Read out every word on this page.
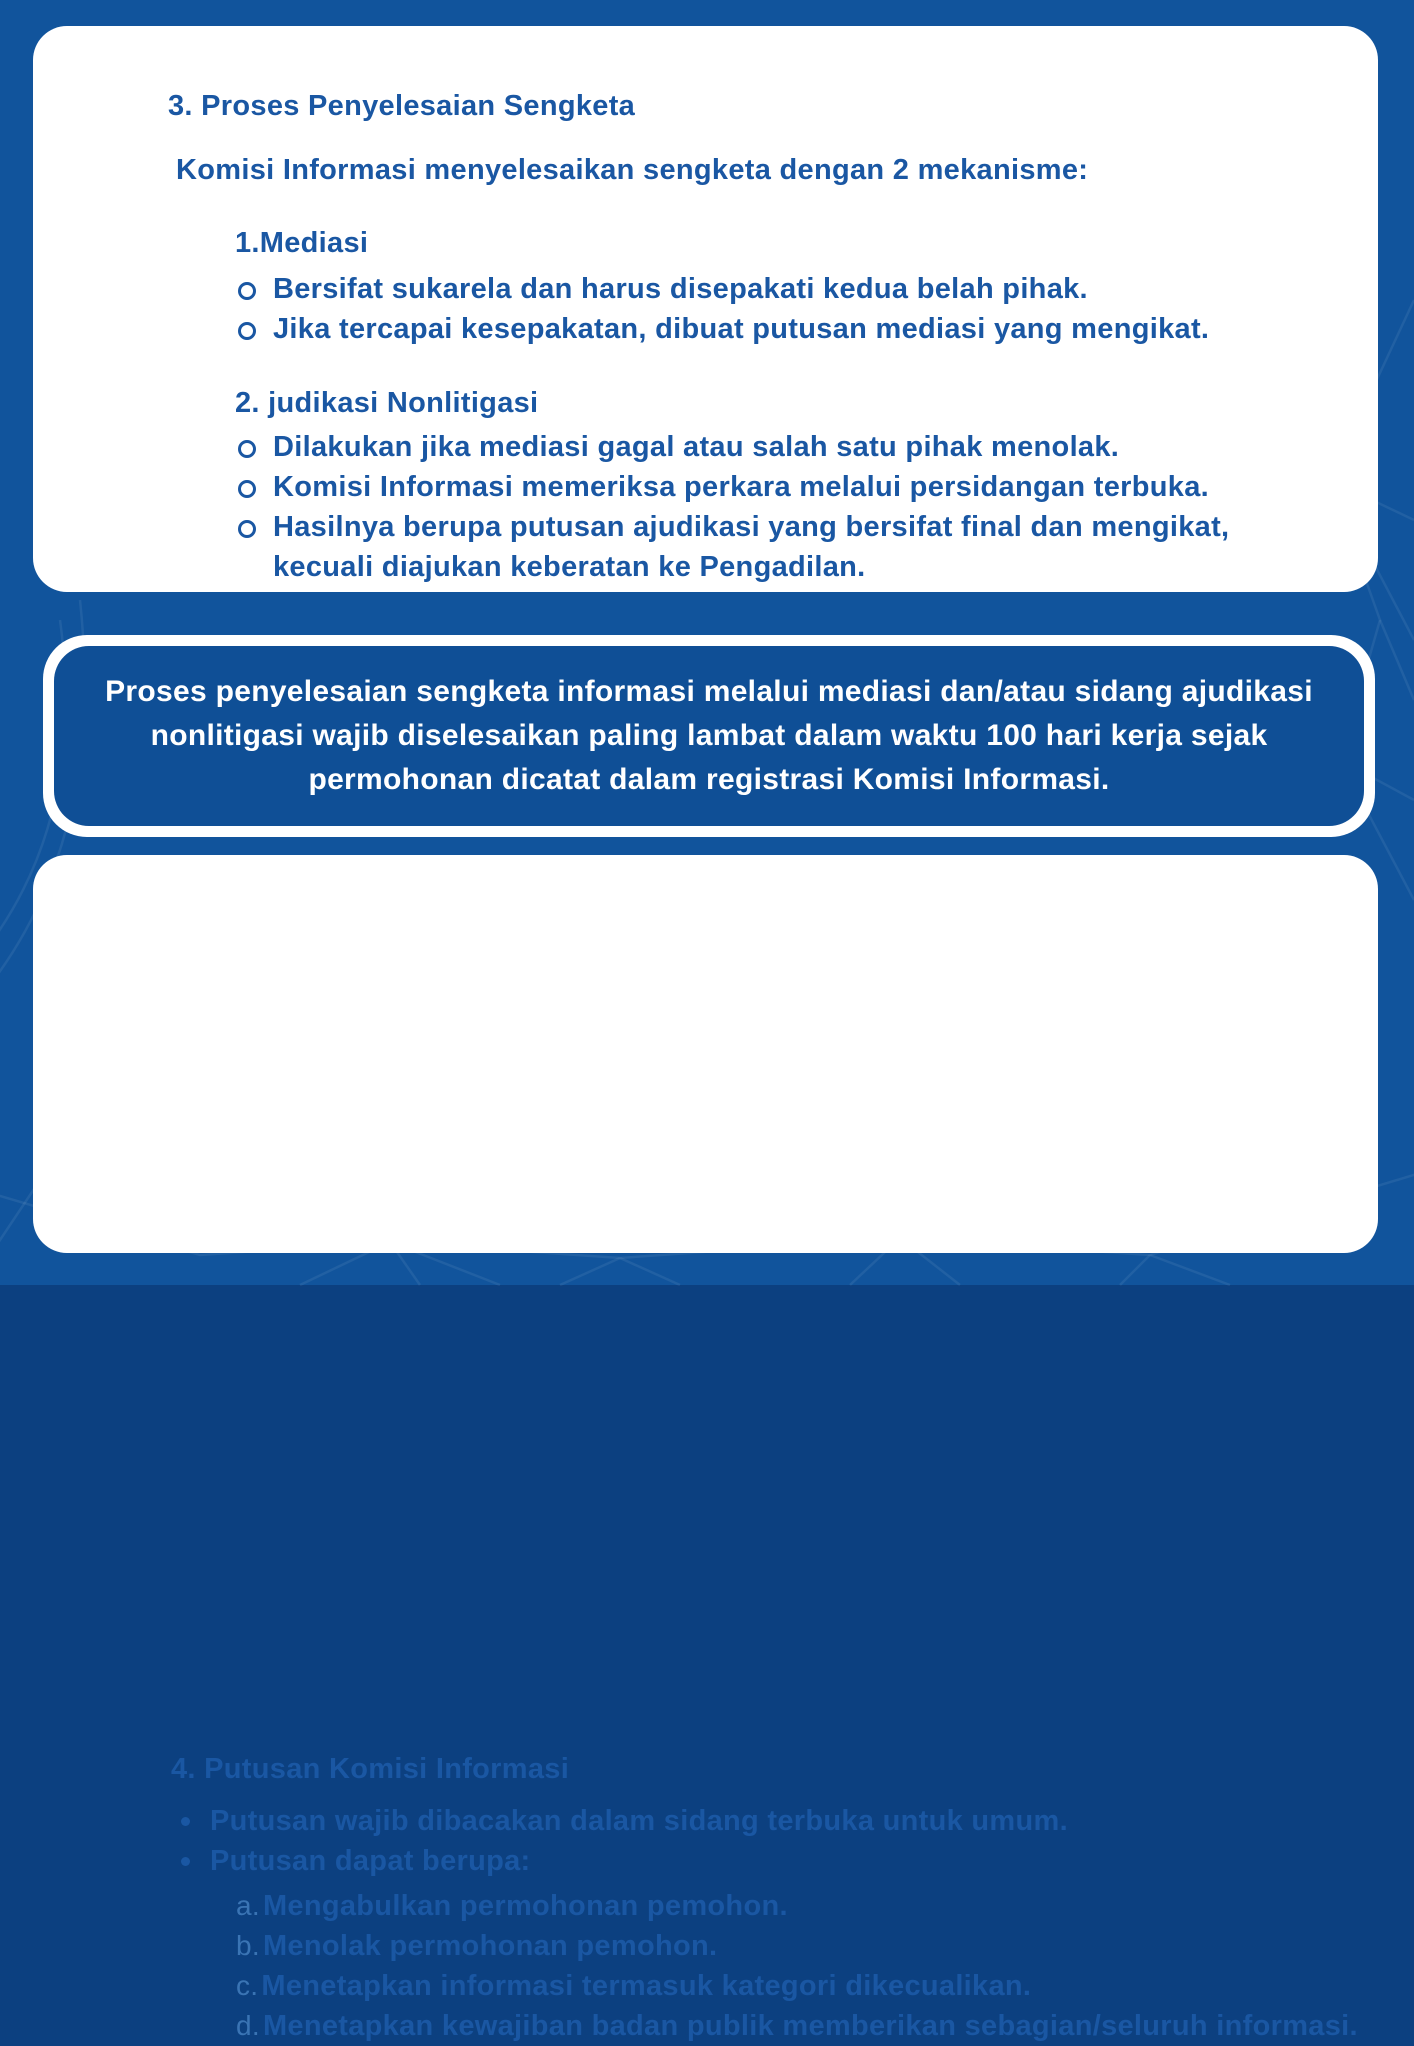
3. Proses Penyelesaian Sengketa

Komisi Informasi menyelesaikan sengketa dengan 2 mekanisme:

1.Mediasi
Bersifat sukarela dan harus disepakati kedua belah pihak.
Jika tercapai kesepakatan, dibuat putusan mediasi yang mengikat.
2. judikasi Nonlitigasi
Dilakukan jika mediasi gagal atau salah satu pihak menolak.
Komisi Informasi memeriksa perkara melalui persidangan terbuka.
Hasilnya berupa putusan ajudikasi yang bersifat final dan mengikat, kecuali diajukan keberatan ke Pengadilan.

Proses penyelesaian sengketa informasi melalui mediasi dan/atau sidang ajudikasi nonlitigasi wajib diselesaikan paling lambat dalam waktu 100 hari kerja sejak permohonan dicatat dalam registrasi Komisi Informasi.

4. Putusan Komisi Informasi
Putusan wajib dibacakan dalam sidang terbuka untuk umum.
Putusan dapat berupa:
a. Mengabulkan permohonan pemohon.
b. Menolak permohonan pemohon.
c. Menetapkan informasi termasuk kategori dikecualikan.
d. Menetapkan kewajiban badan publik memberikan sebagian/seluruh informasi.
